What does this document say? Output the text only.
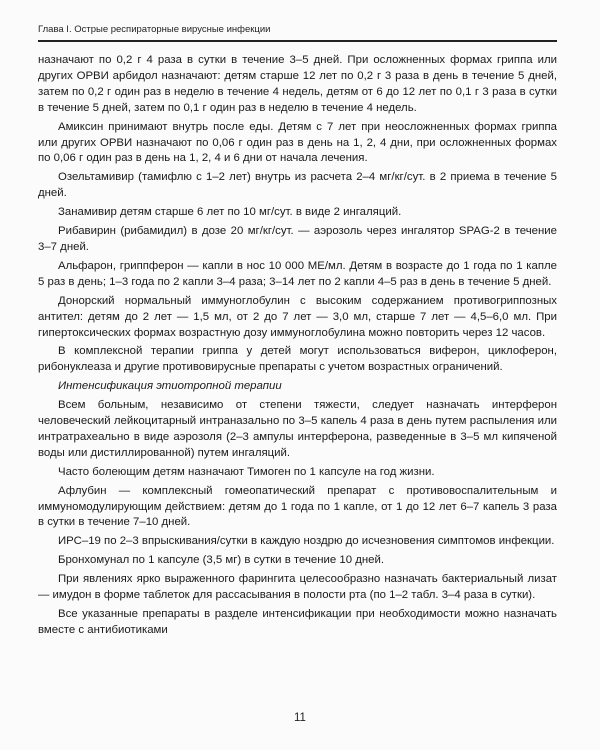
Глава I. Острые респираторные вирусные инфекции

назначают по 0,2 г 4 раза в сутки в течение 3–5 дней. При осложненных формах гриппа или других ОРВИ арбидол назначают: детям старше 12 лет по 0,2 г 3 раза в день в течение 5 дней, затем по 0,2 г один раз в неделю в течение 4 недель, детям от 6 до 12 лет по 0,1 г 3 раза в сутки в течение 5 дней, затем по 0,1 г один раз в неделю в течение 4 недель.

Амиксин принимают внутрь после еды. Детям с 7 лет при неосложненных формах гриппа или других ОРВИ назначают по 0,06 г один раз в день на 1, 2, 4 дни, при осложненных формах по 0,06 г один раз в день на 1, 2, 4 и 6 дни от начала лечения.

Озельтамивир (тамифлю с 1–2 лет) внутрь из расчета 2–4 мг/кг/сут. в 2 приема в течение 5 дней.

Занамивир детям старше 6 лет по 10 мг/сут. в виде 2 ингаляций.

Рибавирин (рибамидил) в дозе 20 мг/кг/сут. — аэрозоль через ингалятор SPAG-2 в течение 3–7 дней.

Альфарон, гриппферон — капли в нос 10 000 МЕ/мл. Детям в возрасте до 1 года по 1 капле 5 раз в день; 1–3 года по 2 капли 3–4 раза; 3–14 лет по 2 капли 4–5 раз в день в течение 5 дней.

Донорский нормальный иммуноглобулин с высоким содержанием противогриппозных антител: детям до 2 лет — 1,5 мл, от 2 до 7 лет — 3,0 мл, старше 7 лет — 4,5–6,0 мл. При гипертоксических формах возрастную дозу иммуноглобулина можно повторить через 12 часов.

В комплексной терапии гриппа у детей могут использоваться виферон, циклоферон, рибонуклеаза и другие противовирусные препараты с учетом возрастных ограничений.

Интенсификация этиотропной терапии

Всем больным, независимо от степени тяжести, следует назначать интерферон человеческий лейкоцитарный интраназально по 3–5 капель 4 раза в день путем распыления или интратрахеально в виде аэрозоля (2–3 ампулы интерферона, разведенные в 3–5 мл кипяченой воды или дистиллированной) путем ингаляций.

Часто болеющим детям назначают Тимоген по 1 капсуле на год жизни.

Афлубин — комплексный гомеопатический препарат с противовоспалительным и иммуномодулирующим действием: детям до 1 года по 1 капле, от 1 до 12 лет 6–7 капель 3 раза в сутки в течение 7–10 дней.

ИРС–19 по 2–3 впрыскивания/сутки в каждую ноздрю до исчезновения симптомов инфекции.

Бронхомунал по 1 капсуле (3,5 мг) в сутки в течение 10 дней.

При явлениях ярко выраженного фарингита целесообразно назначать бактериальный лизат — имудон в форме таблеток для рассасывания в полости рта (по 1–2 табл. 3–4 раза в сутки).

Все указанные препараты в разделе интенсификации при необходимости можно назначать вместе с антибиотиками

11
